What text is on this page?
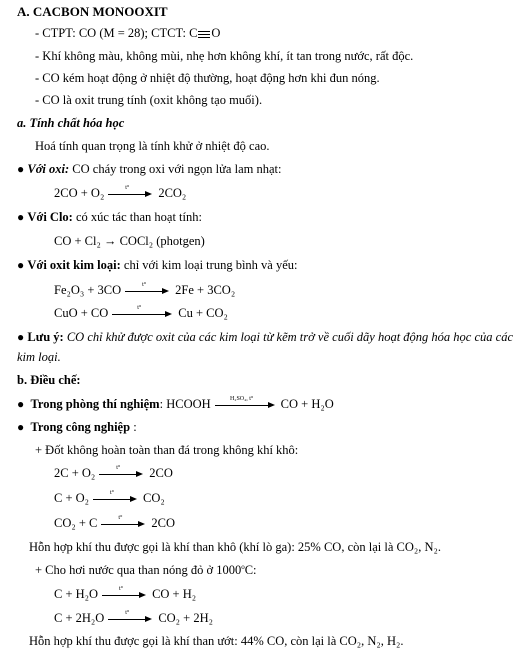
A. CACBON MONOOXIT
- CTPT: CO (M = 28); CTCT: C O
- Khí không màu, không mùi, nhẹ hơn không khí, ít tan trong nước, rất độc.
- CO kém hoạt động ở nhiệt độ thường, hoạt động hơn khi đun nóng.
- CO là oxit trung tính (oxit không tạo muối).
a. Tính chất hóa học
Hoá tính quan trọng là tính khử ở nhiệt độ cao.
● Với oxi: CO cháy trong oxi với ngọn lửa lam nhạt:
2CO + O₂	t°	2CO₂
● Với Clo: có xúc tác than hoạt tính:
CO + Cl₂ → COCl₂ (photgen)
● Với oxit kim loại: chỉ với kim loại trung bình và yếu:
Fe₂O₃ + 3CO	t°	2Fe + 3CO₂
CuO + CO	t°	Cu + CO₂
● Lưu ý: CO chỉ khử được oxit của các kim loại từ kẽm trở về cuối dãy hoạt động hóa học của các
kim loại.
b. Điều chế:
● Trong phòng thí nghiệm: HCOOH	H₂SO₄, t°	CO + H₂O
● Trong công nghiệp :
+ Đốt không hoàn toàn than đá trong không khí khô:
2C + O₂	t°	2CO
C + O₂	t°	CO₂
CO₂ + C	t°	2CO
Hỗn hợp khí thu được gọi là khí than khô (khí lò ga): 25% CO, còn lại là CO₂, N₂.
+ Cho hơi nước qua than nóng đỏ ở 1000$^o$C:
C + H₂O	t°	CO + H₂
C + 2H₂O	t°	CO₂ + 2H₂
Hỗn hợp khí thu được gọi là khí than ướt: 44% CO, còn lại là CO₂, N₂, H₂.
